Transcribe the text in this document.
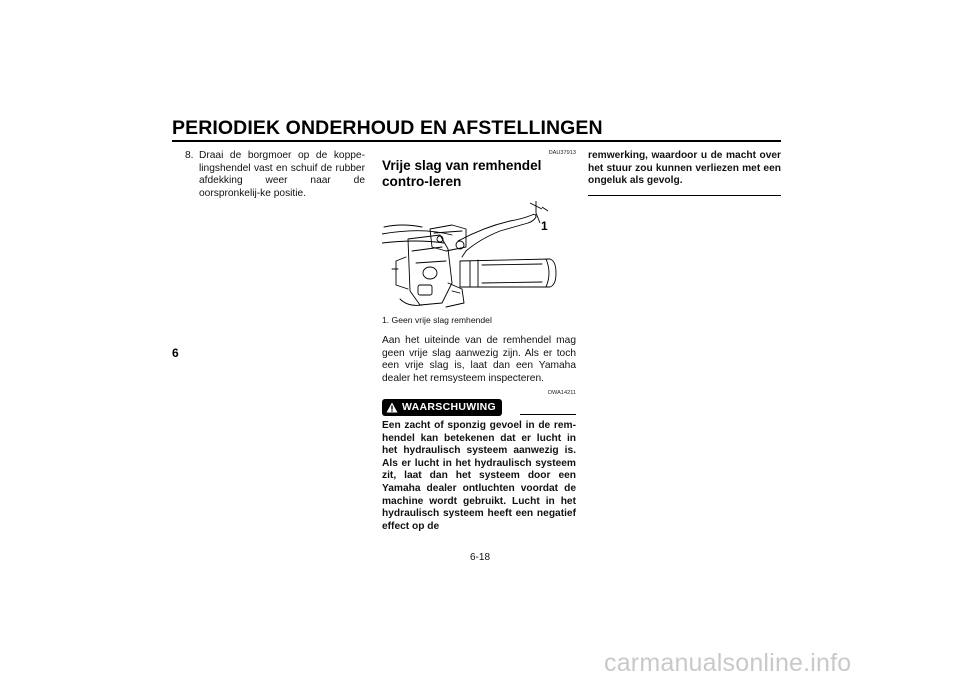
PERIODIEK ONDERHOUD EN AFSTELLINGEN
6
8. Draai de borgmoer op de koppe-lingshendel vast en schuif de rubber afdekking weer naar de oorspronkelij-ke positie.
DAU37913
Vrije slag van remhendel contro-leren
1
1. Geen vrije slag remhendel
Aan het uiteinde van de remhendel mag geen vrije slag aanwezig zijn. Als er toch een vrije slag is, laat dan een Yamaha dealer het remsysteem inspecteren.
DWA14211
WAARSCHUWING
Een zacht of sponzig gevoel in de rem-hendel kan betekenen dat er lucht in het hydraulisch systeem aanwezig is. Als er lucht in het hydraulisch systeem zit, laat dan het systeem door een Yamaha dealer ontluchten voordat de machine wordt gebruikt. Lucht in het hydraulisch systeem heeft een negatief effect op de
remwerking, waardoor u de macht over het stuur zou kunnen verliezen met een ongeluk als gevolg.
6-18
carmanualsonline.info
